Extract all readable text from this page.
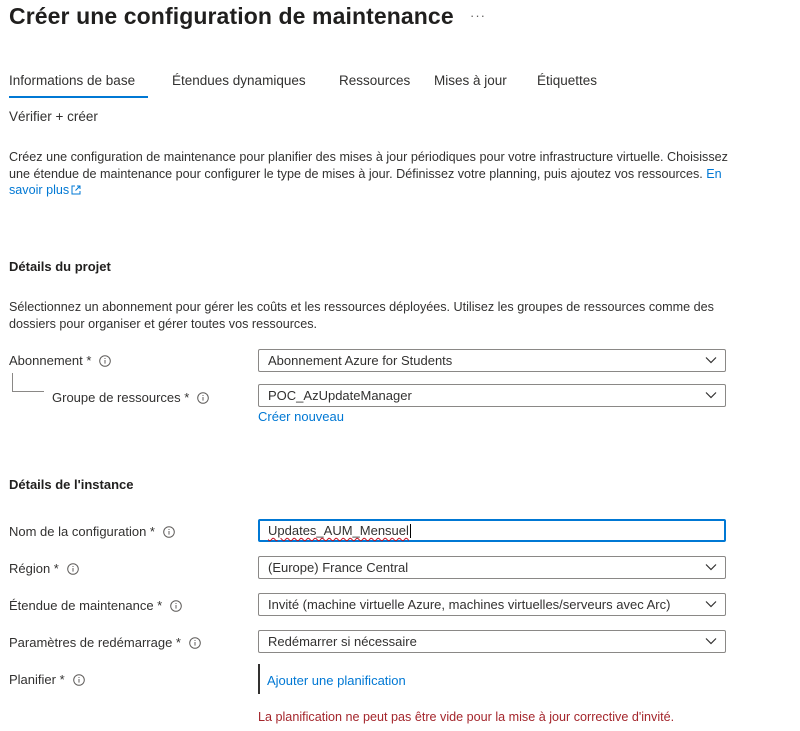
Créer une configuration de maintenance ···
Informations de base	Étendues dynamiques Ressources Mises à jour Étiquettes
Vérifier + créer
Créez une configuration de maintenance pour planifier des mises à jour périodiques pour votre infrastructure virtuelle. Choisissez une étendue de maintenance pour configurer le type de mises à jour. Définissez votre planning, puis ajoutez vos ressources. En savoir plus
Détails du projet
Sélectionnez un abonnement pour gérer les coûts et les ressources déployées. Utilisez les groupes de ressources comme des dossiers pour organiser et gérer toutes vos ressources.
Abonnement *	Abonnement Azure for Students
Groupe de ressources *	POC_AzUpdateManager
Créer nouveau
Détails de l'instance
Nom de la configuration *	Updates_AUM_Mensuel
Région *	(Europe) France Central
Étendue de maintenance *	Invité (machine virtuelle Azure, machines virtuelles/serveurs avec Arc)
Paramètres de redémarrage *	Redémarrer si nécessaire
Planifier *	Ajouter une planification
La planification ne peut pas être vide pour la mise à jour corrective d'invité.
